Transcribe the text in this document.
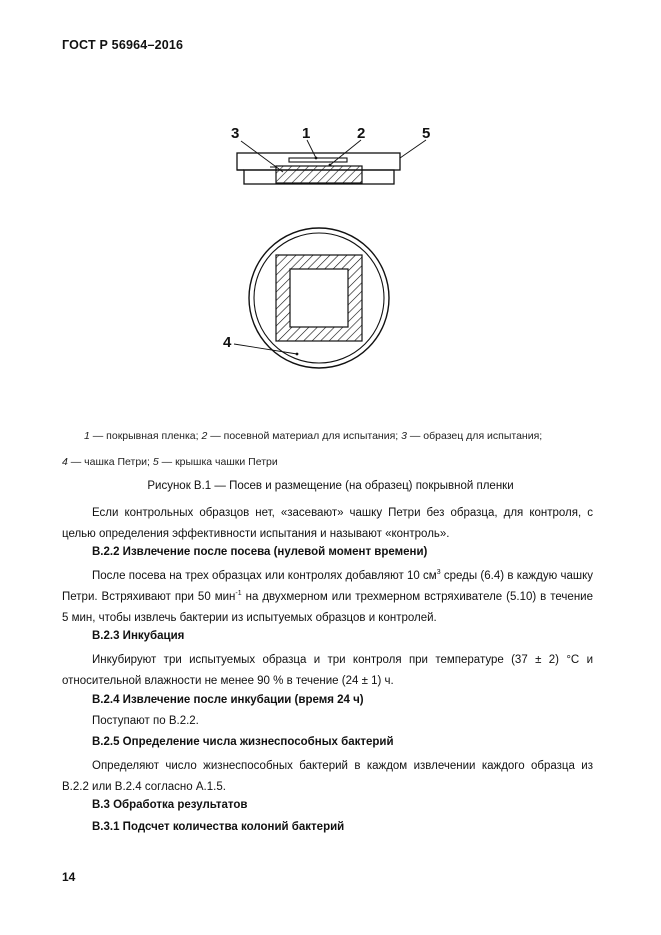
ГОСТ Р 56964–2016
3	1	2	5
4
1 — покрывная пленка; 2 — посевной материал для испытания; 3 — образец для испытания;
4 — чашка Петри; 5 — крышка чашки Петри
Рисунок В.1 — Посев и размещение (на образец) покрывной пленки
Если контрольных образцов нет, «засевают» чашку Петри без образца, для контроля, с целью определения эффективности испытания и называют «контроль».
В.2.2 Извлечение после посева (нулевой момент времени)
После посева на трех образцах или контролях добавляют 10 $см^3$ среды (6.4) в каждую чашку Петри. Встряхивают при 50 мин$^{-1}$ на двухмерном или трехмерном встряхивателе (5.10) в течение 5 мин, чтобы извлечь бактерии из испытуемых образцов и контролей.
В.2.3 Инкубация
Инкубируют три испытуемых образца и три контроля при температуре (37 ± 2) °С и относительной влажности не менее 90 % в течение (24 ± 1) ч.
В.2.4 Извлечение после инкубации (время 24 ч)
Поступают по В.2.2.
В.2.5 Определение числа жизнеспособных бактерий
Определяют число жизнеспособных бактерий в каждом извлечении каждого образца из В.2.2 или В.2.4 согласно А.1.5.
В.3 Обработка результатов
В.3.1 Подсчет количества колоний бактерий
14
